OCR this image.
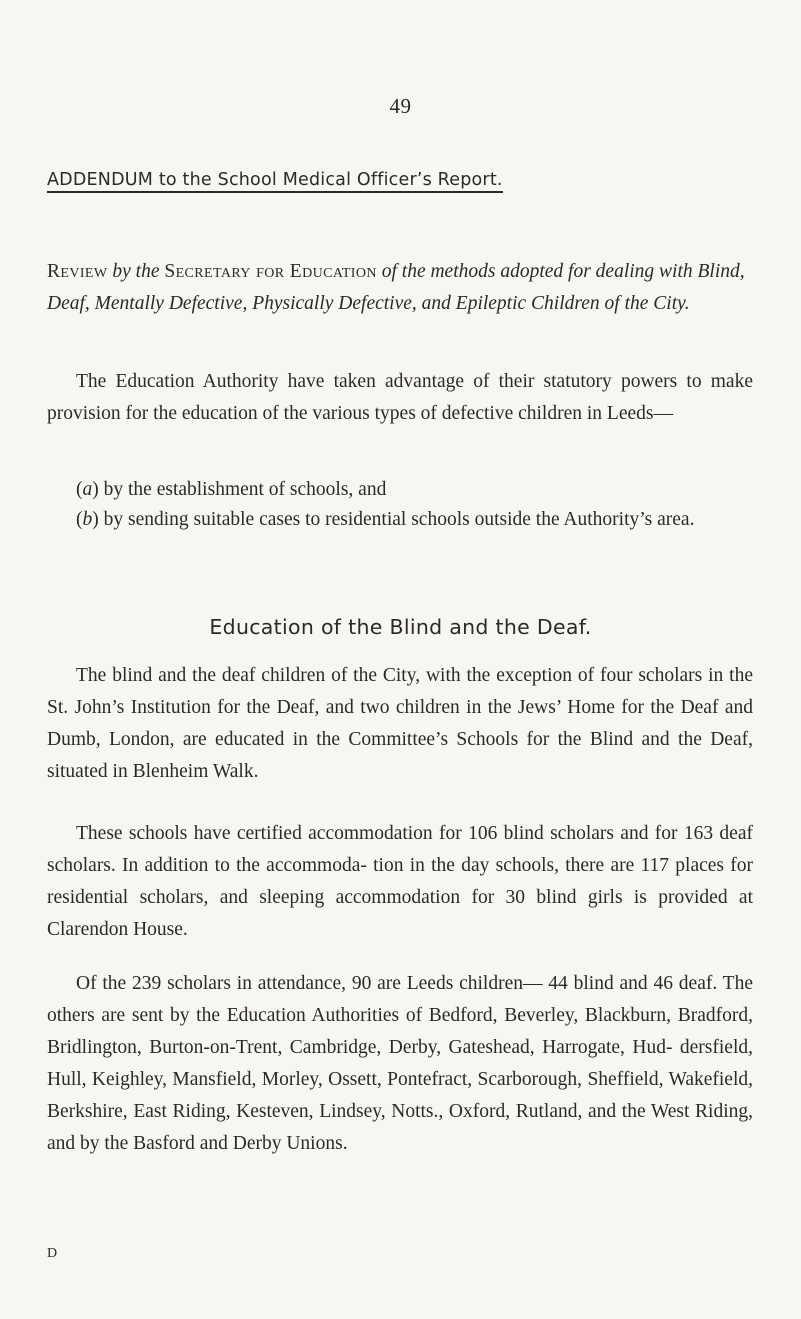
49
ADDENDUM to the School Medical Officer’s Report.
Review by the Secretary for Education of the methods adopted for dealing with Blind, Deaf, Mentally Defective, Physically Defective, and Epileptic Children of the City.

The Education Authority have taken advantage of their statutory powers to make provision for the education of the various types of defective children in Leeds—

(a) by the establishment of schools, and
(b) by sending suitable cases to residential schools outside the Authority’s area.
Education of the Blind and the Deaf.

The blind and the deaf children of the City, with the exception of four scholars in the St. John’s Institution for the Deaf, and two children in the Jews’ Home for the Deaf and Dumb, London, are educated in the Committee’s Schools for the Blind and the Deaf, situated in Blenheim Walk.

These schools have certified accommodation for 106 blind scholars and for 163 deaf scholars. In addition to the accommoda- tion in the day schools, there are 117 places for residential scholars, and sleeping accommodation for 30 blind girls is provided at Clarendon House.

Of the 239 scholars in attendance, 90 are Leeds children— 44 blind and 46 deaf. The others are sent by the Education Authorities of Bedford, Beverley, Blackburn, Bradford, Bridlington, Burton-on-Trent, Cambridge, Derby, Gateshead, Harrogate, Hud- dersfield, Hull, Keighley, Mansfield, Morley, Ossett, Pontefract, Scarborough, Sheffield, Wakefield, Berkshire, East Riding, Kesteven, Lindsey, Notts., Oxford, Rutland, and the West Riding, and by the Basford and Derby Unions.

D
